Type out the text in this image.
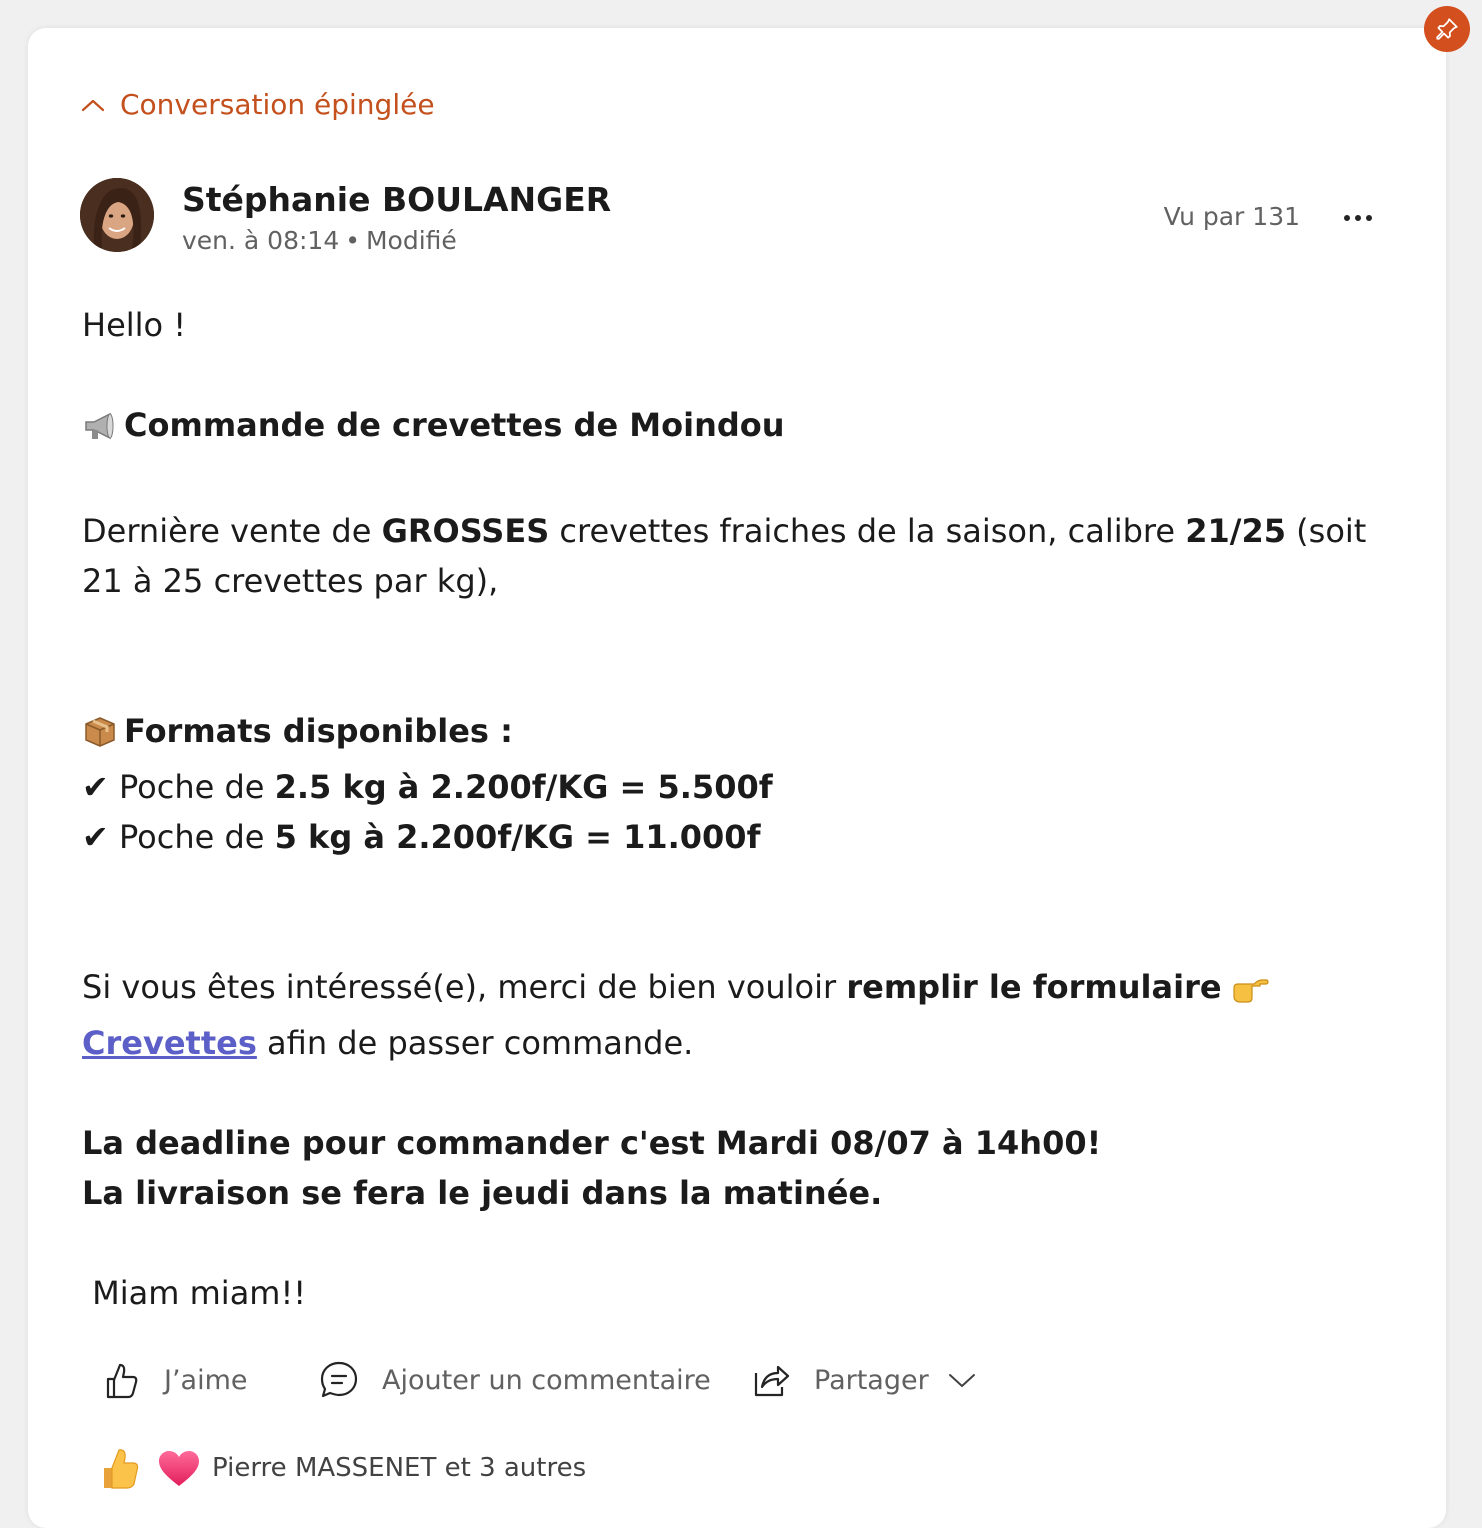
Conversation épinglée
Stéphanie BOULANGER
ven. à 08:14 • Modifié
Vu par 131

Hello !

Commande de crevettes de Moindou

Dernière vente de GROSSES crevettes fraiches de la saison, calibre 21/25 (soit 21 à 25 crevettes par kg),

Formats disponibles :

✔ Poche de 2.5 kg à 2.200f/KG = 5.500f

✔ Poche de 5 kg à 2.200f/KG = 11.000f

Si vous êtes intéressé(e), merci de bien vouloir remplir le formulaire
Crevettes afin de passer commande.

La deadline pour commander c'est Mardi 08/07 à 14h00!

La livraison se fera le jeudi dans la matinée.

Miam miam!!

J’aime	Ajouter un commentaire	Partager
Pierre MASSENET et 3 autres
